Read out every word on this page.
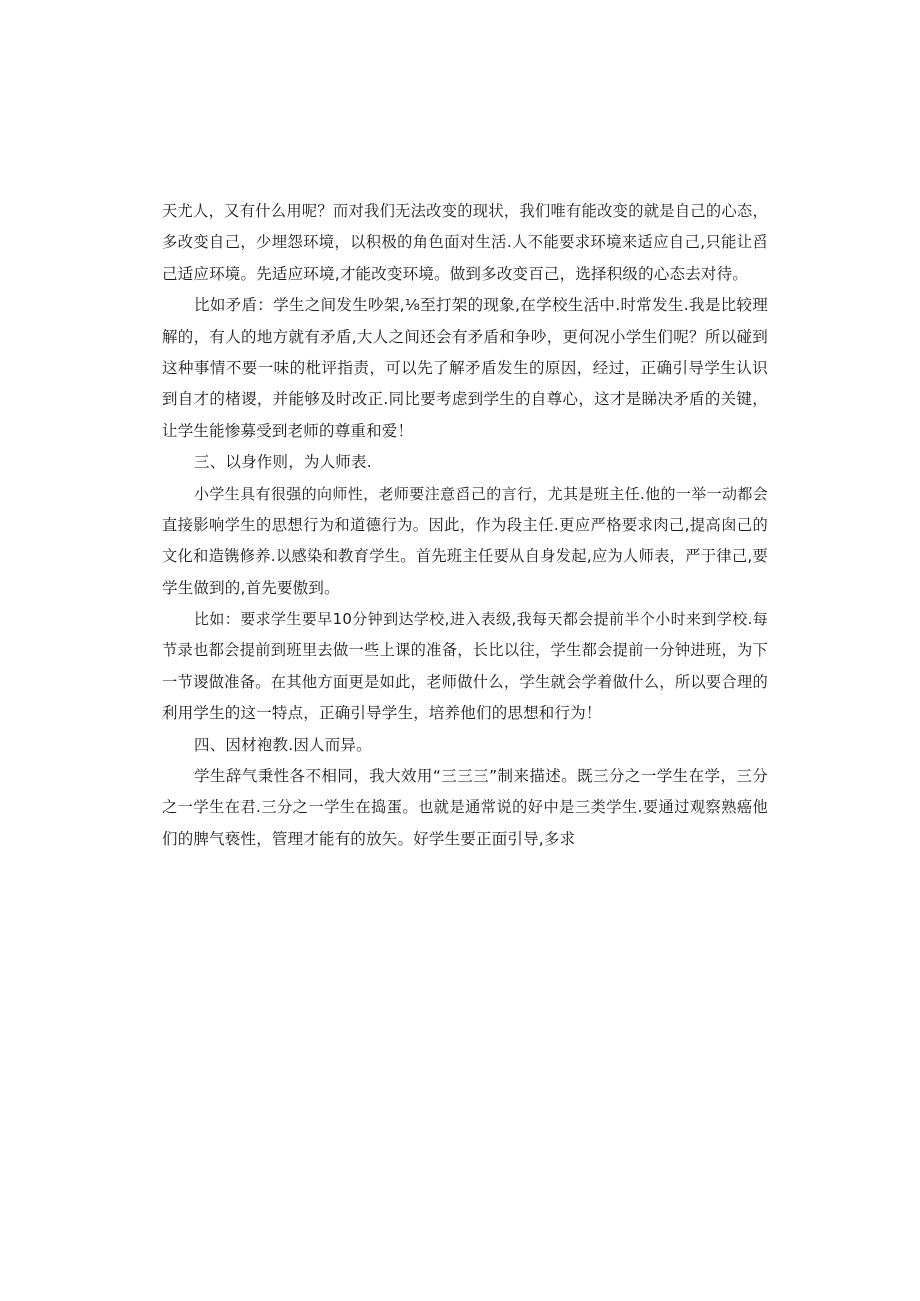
天尤人，又有什么用呢？而对我们无法改变的现状，我们唯有能改变的就是自己的心态，
多改变自己，少埋怨环境，以积极的角色面对生活.人不能要求环境来适应自己,只能让舀
己适应环境。先适应环境,才能改变环境。做到多改变百己，选择积级的心态去对待。
比如矛盾：学生之间发生吵架,⅛至打架的现象,在学校生活中.时常发生.我是比较理
解的，有人的地方就有矛盾,大人之间还会有矛盾和争吵，更何况小学生们呢？所以碰到
这种事情不要一味的枇评指责，可以先了解矛盾发生的原因，经过，正确引导学生认识
到自才的楮谡，并能够及时改正.同比要考虑到学生的自尊心，这才是睇决矛盾的关键，
让学生能惨募受到老师的尊重和爱！
三、以身作则，为人师表.
小学生具有很强的向师性，老师要注意舀己的言行，尤其是班主任.他的一举一动都会
直接影响学生的思想行为和道德行为。因此，作为段主任.更应严格要求肉己,提高囱己的
文化和造镌修养.以感染和教育学生。首先班主任要从自身发起,应为人师表，严于律己,要
学生做到的,首先要傲到。
比如：要求学生要早10分钟到达学校,进入表级,我每天都会提前半个小时来到学校.每
节录也都会提前到班里去做一些上课的准备，长比以往，学生都会提前一分钟进班，为下
一节谡做准备。在其他方面更是如此，老师做什么，学生就会学着做什么，所以要合理的
利用学生的这一特点，正确引导学生，培养他们的思想和行为！
四、因材袍教.因人而异。
学生辞气秉性各不相同，我大效用“三三三”制来描述。既三分之一学生在学，三分
之一学生在君.三分之一学生在捣蛋。也就是通常说的好中是三类学生.要通过观察熟癌他
们的脾气亵性，管理才能有的放矢。好学生要正面引导,多求
